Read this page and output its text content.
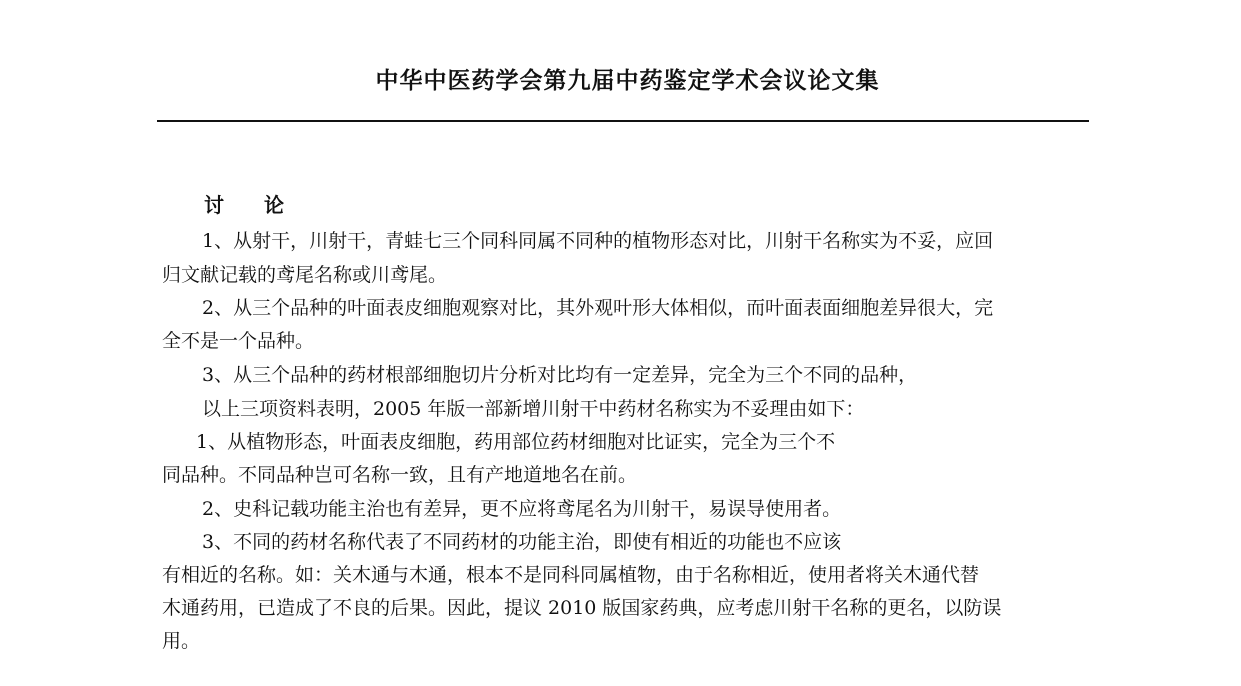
中华中医药学会第九届中药鉴定学术会议论文集
讨 论
1、从射干，川射干，青蛙七三个同科同属不同种的植物形态对比，川射干名称实为不妥，应回
归文献记载的鸢尾名称或川鸢尾。
2、从三个品种的叶面表皮细胞观察对比，其外观叶形大体相似，而叶面表面细胞差异很大，完
全不是一个品种。
3、从三个品种的药材根部细胞切片分析对比均有一定差异，完全为三个不同的品种，
以上三项资料表明，2005 年版一部新增川射干中药材名称实为不妥理由如下：
1、从植物形态，叶面表皮细胞，药用部位药材细胞对比证实，完全为三个不
同品种。不同品种岂可名称一致，且有产地道地名在前。
2、史科记载功能主治也有差异，更不应将鸢尾名为川射干，易误导使用者。
3、不同的药材名称代表了不同药材的功能主治，即使有相近的功能也不应该
有相近的名称。如：关木通与木通，根本不是同科同属植物，由于名称相近，使用者将关木通代替
木通药用，已造成了不良的后果。因此，提议 2010 版国家药典，应考虑川射干名称的更名，以防误
用。
